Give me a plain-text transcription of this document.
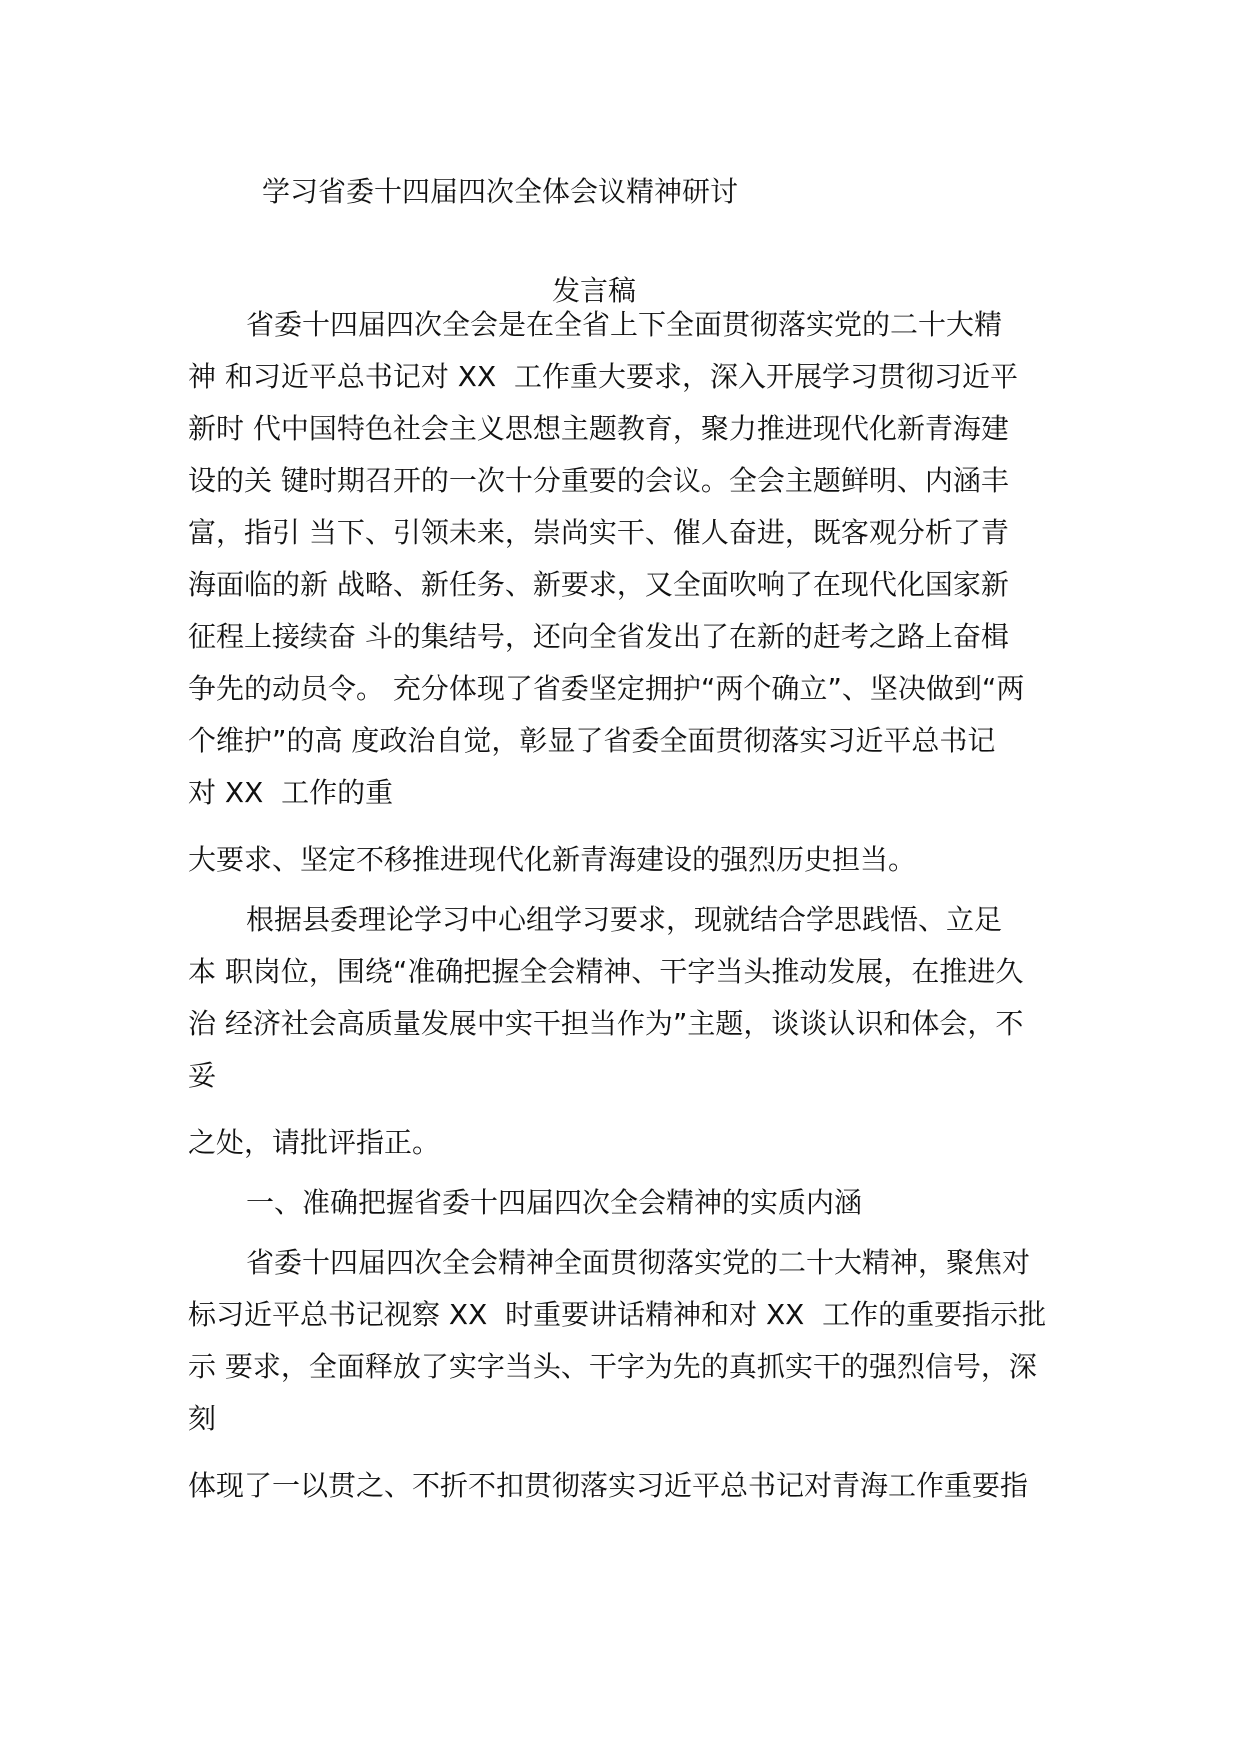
学习省委十四届四次全体会议精神研讨
发言稿
省委十四届四次全会是在全省上下全面贯彻落实党的二十大精
神 和习近平总书记对 XX  工作重大要求，深入开展学习贯彻习近平
新时 代中国特色社会主义思想主题教育，聚力推进现代化新青海建
设的关 键时期召开的一次十分重要的会议。全会主题鲜明、内涵丰
富，指引 当下、引领未来，崇尚实干、催人奋进，既客观分析了青
海面临的新 战略、新任务、新要求，又全面吹响了在现代化国家新
征程上接续奋 斗的集结号，还向全省发出了在新的赶考之路上奋楫
争先的动员令。 充分体现了省委坚定拥护“两个确立”、坚决做到“两
个维护”的高 度政治自觉，彰显了省委全面贯彻落实习近平总书记
对 XX  工作的重
大要求、坚定不移推进现代化新青海建设的强烈历史担当。
根据县委理论学习中心组学习要求，现就结合学思践悟、立足
本 职岗位，围绕“准确把握全会精神、干字当头推动发展，在推进久
治 经济社会高质量发展中实干担当作为”主题，谈谈认识和体会，不
妥
之处，请批评指正。
一、准确把握省委十四届四次全会精神的实质内涵
省委十四届四次全会精神全面贯彻落实党的二十大精神，聚焦对
标习近平总书记视察 XX  时重要讲话精神和对 XX  工作的重要指示批
示 要求，全面释放了实字当头、干字为先的真抓实干的强烈信号，深
刻
体现了一以贯之、不折不扣贯彻落实习近平总书记对青海工作重要指
